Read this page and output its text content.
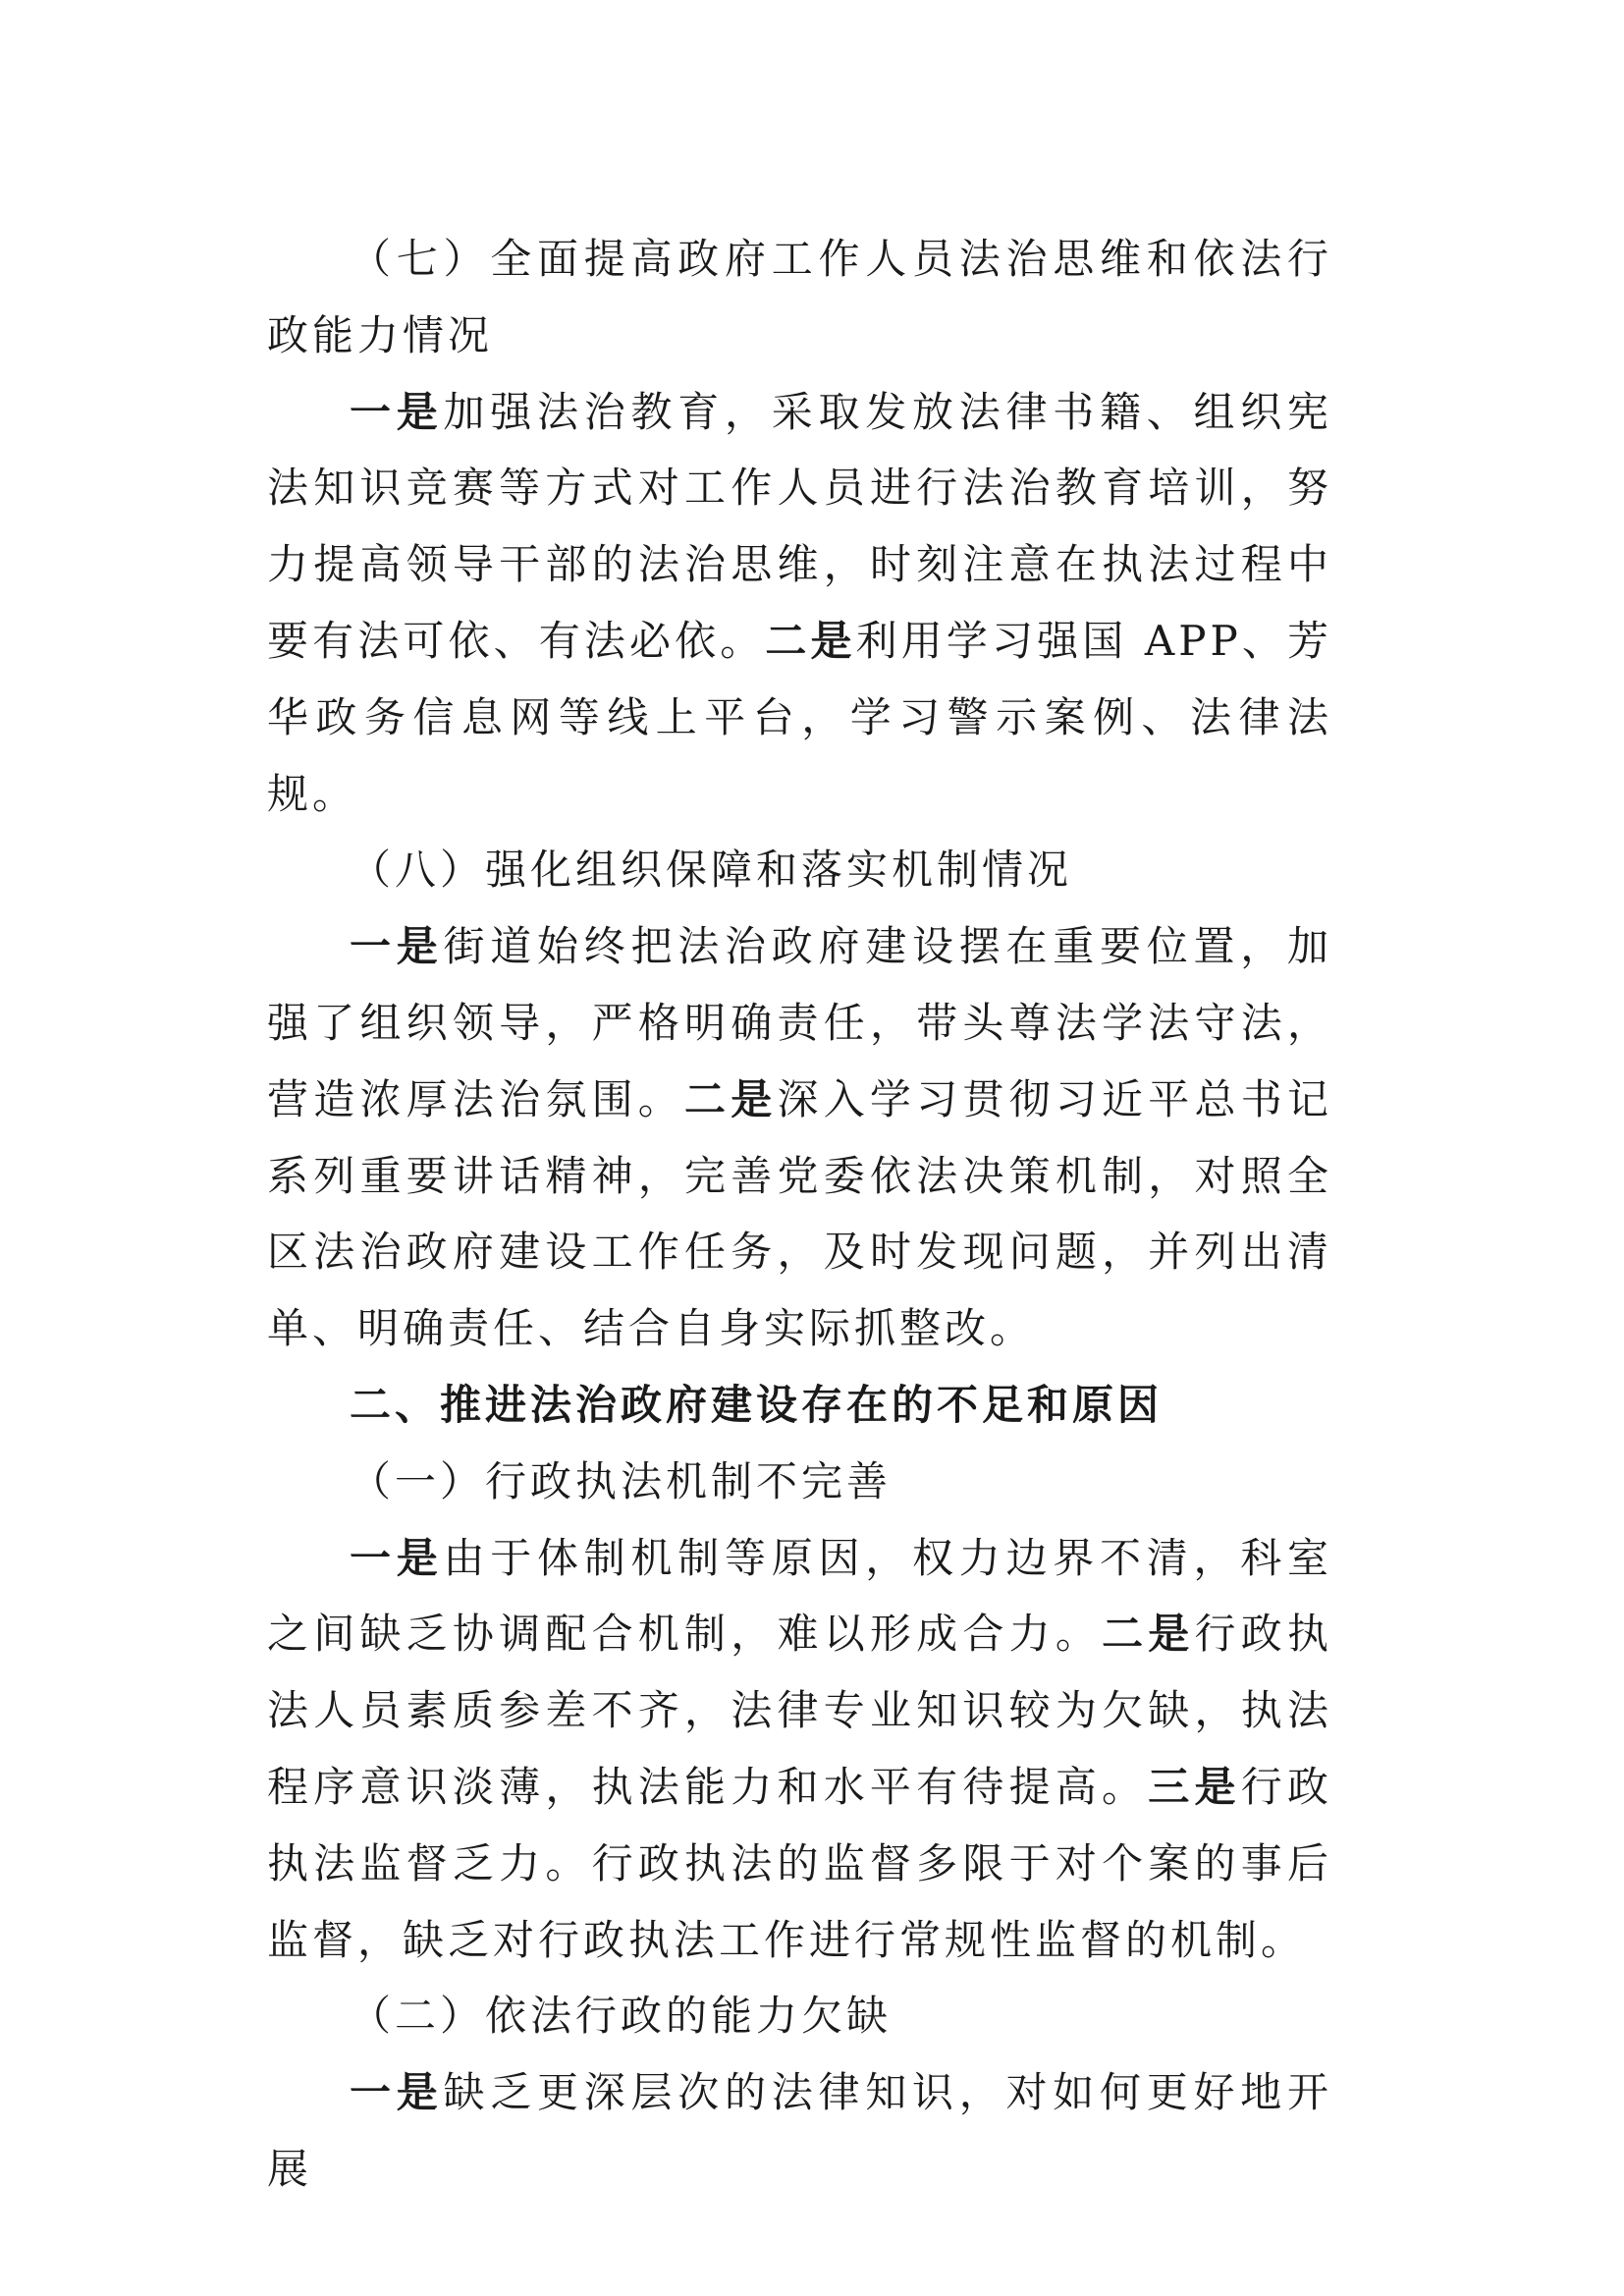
（七）全面提高政府工作人员法治思维和依法行政能力情况

一是加强法治教育，采取发放法律书籍、组织宪法知识竞赛等方式对工作人员进行法治教育培训，努力提高领导干部的法治思维，时刻注意在执法过程中要有法可依、有法必依。二是利用学习强国 APP、芳华政务信息网等线上平台，学习警示案例、法律法规。

（八）强化组织保障和落实机制情况

一是街道始终把法治政府建设摆在重要位置，加强了组织领导，严格明确责任，带头尊法学法守法，营造浓厚法治氛围。二是深入学习贯彻习近平总书记系列重要讲话精神，完善党委依法决策机制，对照全区法治政府建设工作任务，及时发现问题，并列出清单、明确责任、结合自身实际抓整改。

二、推进法治政府建设存在的不足和原因

（一）行政执法机制不完善

一是由于体制机制等原因，权力边界不清，科室之间缺乏协调配合机制，难以形成合力。二是行政执法人员素质参差不齐，法律专业知识较为欠缺，执法程序意识淡薄，执法能力和水平有待提高。三是行政执法监督乏力。行政执法的监督多限于对个案的事后监督，缺乏对行政执法工作进行常规性监督的机制。

（二）依法行政的能力欠缺

一是缺乏更深层次的法律知识，对如何更好地开展
